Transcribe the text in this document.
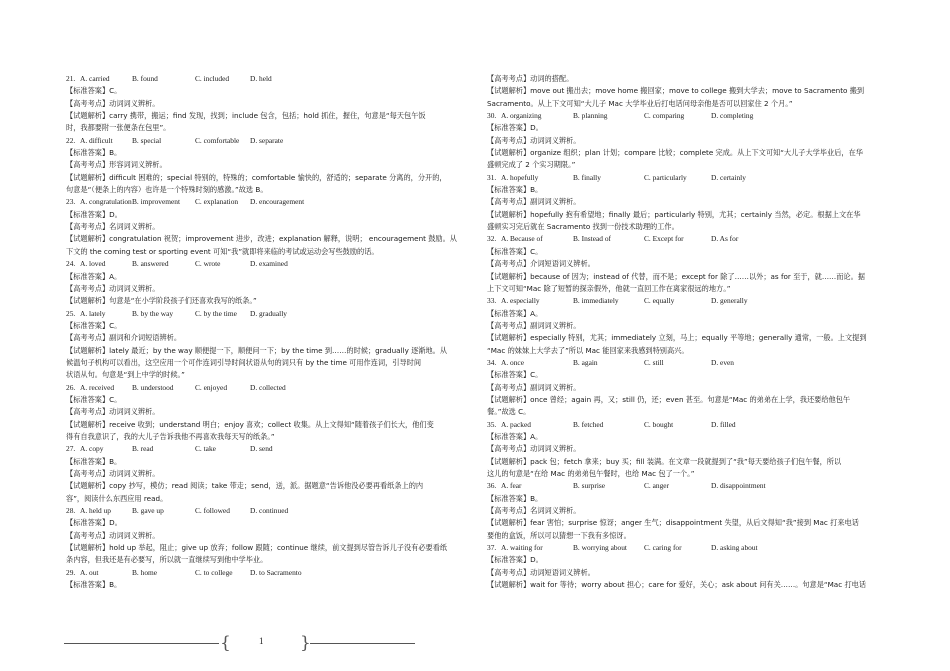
21. A. carried	B. found	C. included	D. held
【标准答案】C。
【高考考点】动词词义辨析。
【试题解析】carry 携带，搬运；find 发现，找到；include 包含，包括；hold 抓住，握住，句意是“每天包午饭
时，我都要附一张便条在包里”。
22. A. difficult	B. special	C. comfortable D. separate
【标准答案】B。
【高考考点】形容词词义辨析。
【试题解析】difficult 困难的；special 特别的，特殊的；comfortable 愉快的，舒适的；separate 分离的，分开的，
句意是“（便条上的内容）也许是一个特殊时刻的感激。”故选 B。
23. A. congratulation B. improvement C. explanation D. encouragement
【标准答案】D。
【高考考点】名词词义辨析。
【试题解析】congratulation 祝贺；improvement 进步，改进；explanation 解释，说明； encouragement 鼓励。从
下文的 the coming test or sporting event 可知“我”就即将来临的考试或运动会写些鼓励的话。
24. A. loved	B. answered	C. wrote	D. examined
【标准答案】A。
【高考考点】动词词义辨析。
【试题解析】句意是“在小学阶段孩子们还喜欢我写的纸条。”
25. A. lately	B. by the way	C. by the time D. gradually
【标准答案】C。
【高考考点】副词和介词短语辨析。
【试题解析】lately 最近；by the way 顺便提一下，顺便问一下；by the time 到……的时候；gradually 逐渐地。从
候温句子机构可以看出，这空应用一个可作连词引导时间状语从句的词只有 by the time 可用作连词，引导时间
状语从句。句意是“到上中学的时候。”
26. A. received B. understood	C. enjoyed	D. collected
【标准答案】C。
【高考考点】动词词义辨析。
【试题解析】receive 收到；understand 明白；enjoy 喜欢；collect 收集。从上文得知“随着孩子们长大，他们变
得有自我意识了，我的大儿子告诉我他不再喜欢我每天写的纸条。”
27. A. copy	B. read	C. take	D. send
【标准答案】B。
【高考考点】动词词义辨析。
【试题解析】copy 抄写，模仿；read 阅读；take 带走；send，送，派。据题意“告诉他没必要再看纸条上的内
容”，阅读什么东西应用 read。
28. A. held up	B. gave up	C. followed	D. continued
【标准答案】D。
【高考考点】动词词义辨析。
【试题解析】hold up 举起，阻止；give up 放弃；follow 跟随；continue 继续，前文提到尽管告诉儿子没有必要看纸
条内容，但我还是有必要写，所以就一直继续写到他中学毕业。
29. A. out	B. home	C. to college D. to Sacramento
【标准答案】B。
【高考考点】动词的搭配。
【试题解析】move out 搬出去；move home 搬回家；move to college 搬到大学去；move to Sacramento 搬到
Sacramento。从上下文可知“大儿子 Mac 大学毕业后打电话问母亲他是否可以回家住 2 个月。”
30. A. organizing	B. planning	C. comparing	D. completing
【标准答案】D。
【高考考点】动词词义辨析。
【试题解析】organize 组织；plan 计划；compare 比较；complete 完成。从上下文可知“大儿子大学毕业后，在华
盛顿完成了 2 个实习期限。”
31. A. hopefully	B. finally	C. particularly	D. certainly
【标准答案】B。
【高考考点】副词词义辨析。
【试题解析】hopefully 抱有希望地；finally 最后；particularly 特别，尤其；certainly 当然，必定。根据上文在华
盛顿实习完后就在 Sacramento 找到一份技术助理的工作。
32. A. Because of	B. Instead of	C. Except for	D. As for
【标准答案】C。
【高考考点】介词短语词义辨析。
【试题解析】because of 因为；instead of 代替，而不是；except for 除了……以外；as for 至于，就……而论。据
上下文可知“Mac 除了短暂的探亲假外，他就一直回工作在离家很远的地方。”
33. A. especially	B. immediately	C. equally	D. generally
【标准答案】A。
【高考考点】副词词义辨析。
【试题解析】especially 特别，尤其；immediately 立刻，马上；equally 平等地；generally 通常，一般。上文提到
“Mac 的妹妹上大学去了”所以 Mac 能回家来我感到特别高兴。
34. A. once	B. again	C. still	D. even
【标准答案】C。
【高考考点】副词词义辨析。
【试题解析】once 曾经；again 再，又；still 仍，还；even 甚至。句意是“Mac 的弟弟在上学，我还要给他包午
餐。”故选 C。
35. A. packed	B. fetched	C. bought	D. filled
【标准答案】A。
【高考考点】动词词义辨析。
【试题解析】pack 包；fetch 拿来；buy 买；fill 装满。在文章一段就提到了“我”每天要给孩子们包午餐，所以
这儿的句意是“在给 Mac 的弟弟包午餐时，也给 Mac 包了一个。”
36. A. fear	B. surprise	C. anger	D. disappointment
【标准答案】B。
【高考考点】名词词义辨析。
【试题解析】fear 害怕；surprise 惊讶；anger 生气；disappointment 失望，从后文得知“我”接到 Mac 打来电话
要他的盒饭，所以可以猜想一下我有多惊讶。
37. A. waiting for	B. worrying about C. caring for	D. asking about
【标准答案】D。
【高考考点】动词短语词义辨析。
【试题解析】wait for 等待；worry about 担心；care for 爱好，关心；ask about 问有关……。句意是“Mac 打电话
{	1 }
